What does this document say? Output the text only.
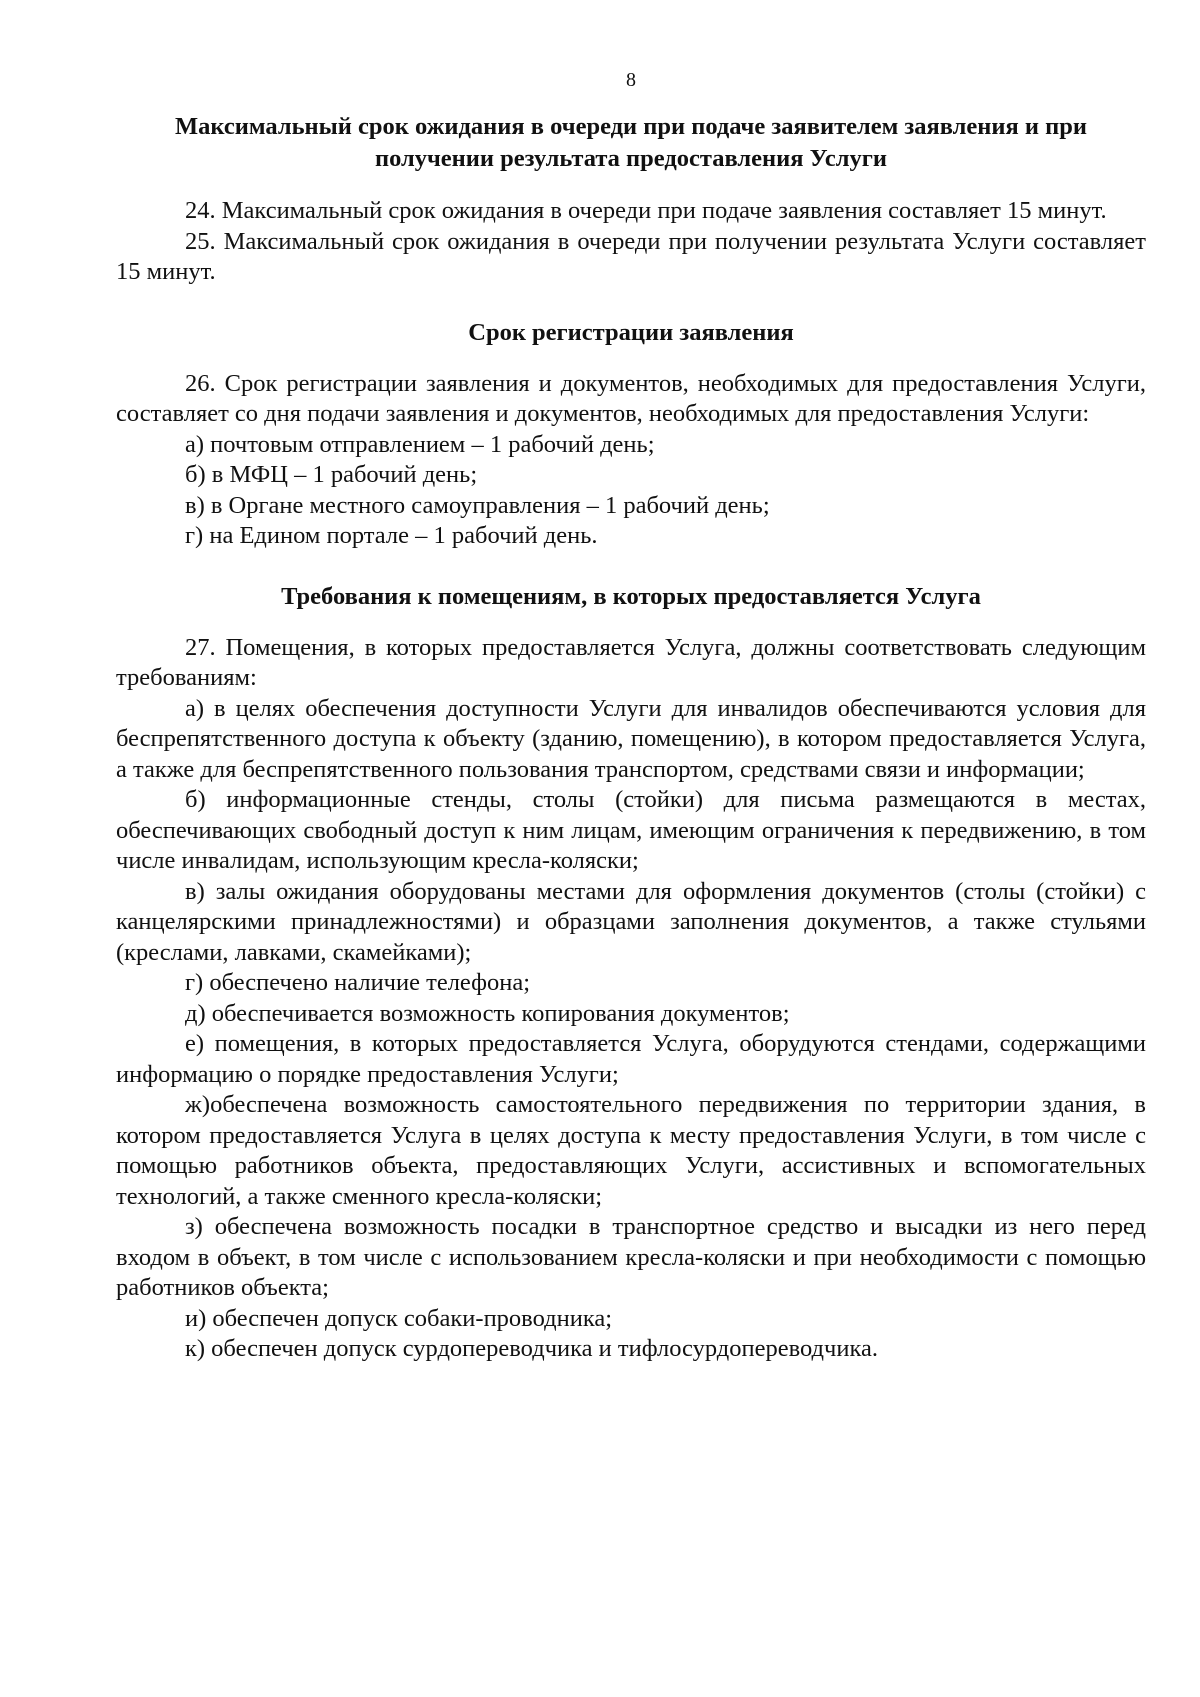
8
Максимальный срок ожидания в очереди при подаче заявителем заявления и при получении результата предоставления Услуги

24. Максимальный срок ожидания в очереди при подаче заявления составляет 15 минут.

25. Максимальный срок ожидания в очереди при получении результата Услуги составляет 15 минут.

Срок регистрации заявления

26. Срок регистрации заявления и документов, необходимых для предоставления Услуги, составляет со дня подачи заявления и документов, необходимых для предоставления Услуги:

а) почтовым отправлением – 1 рабочий день;

б) в МФЦ – 1 рабочий день;

в) в Органе местного самоуправления – 1 рабочий день;

г) на Едином портале – 1 рабочий день.

Требования к помещениям, в которых предоставляется Услуга

27. Помещения, в которых предоставляется Услуга, должны соответствовать следующим требованиям:

а) в целях обеспечения доступности Услуги для инвалидов обеспечиваются условия для беспрепятственного доступа к объекту (зданию, помещению), в котором предоставляется Услуга, а также для беспрепятственного пользования транспортом, средствами связи и информации;

б) информационные стенды, столы (стойки) для письма размещаются в местах, обеспечивающих свободный доступ к ним лицам, имеющим ограничения к передвижению, в том числе инвалидам, использующим кресла-коляски;

в) залы ожидания оборудованы местами для оформления документов (столы (стойки) с канцелярскими принадлежностями) и образцами заполнения документов, а также стульями (креслами, лавками, скамейками);

г) обеспечено наличие телефона;

д) обеспечивается возможность копирования документов;

е) помещения, в которых предоставляется Услуга, оборудуются стендами, содержащими информацию о порядке предоставления Услуги;

ж)обеспечена возможность самостоятельного передвижения по территории здания, в котором предоставляется Услуга в целях доступа к месту предоставления Услуги, в том числе с помощью работников объекта, предоставляющих Услуги, ассистивных и вспомогательных технологий, а также сменного кресла-коляски;

з) обеспечена возможность посадки в транспортное средство и высадки из него перед входом в объект, в том числе с использованием кресла-коляски и при необходимости с помощью работников объекта;

и) обеспечен допуск собаки-проводника;

к) обеспечен допуск сурдопереводчика и тифлосурдопереводчика.
